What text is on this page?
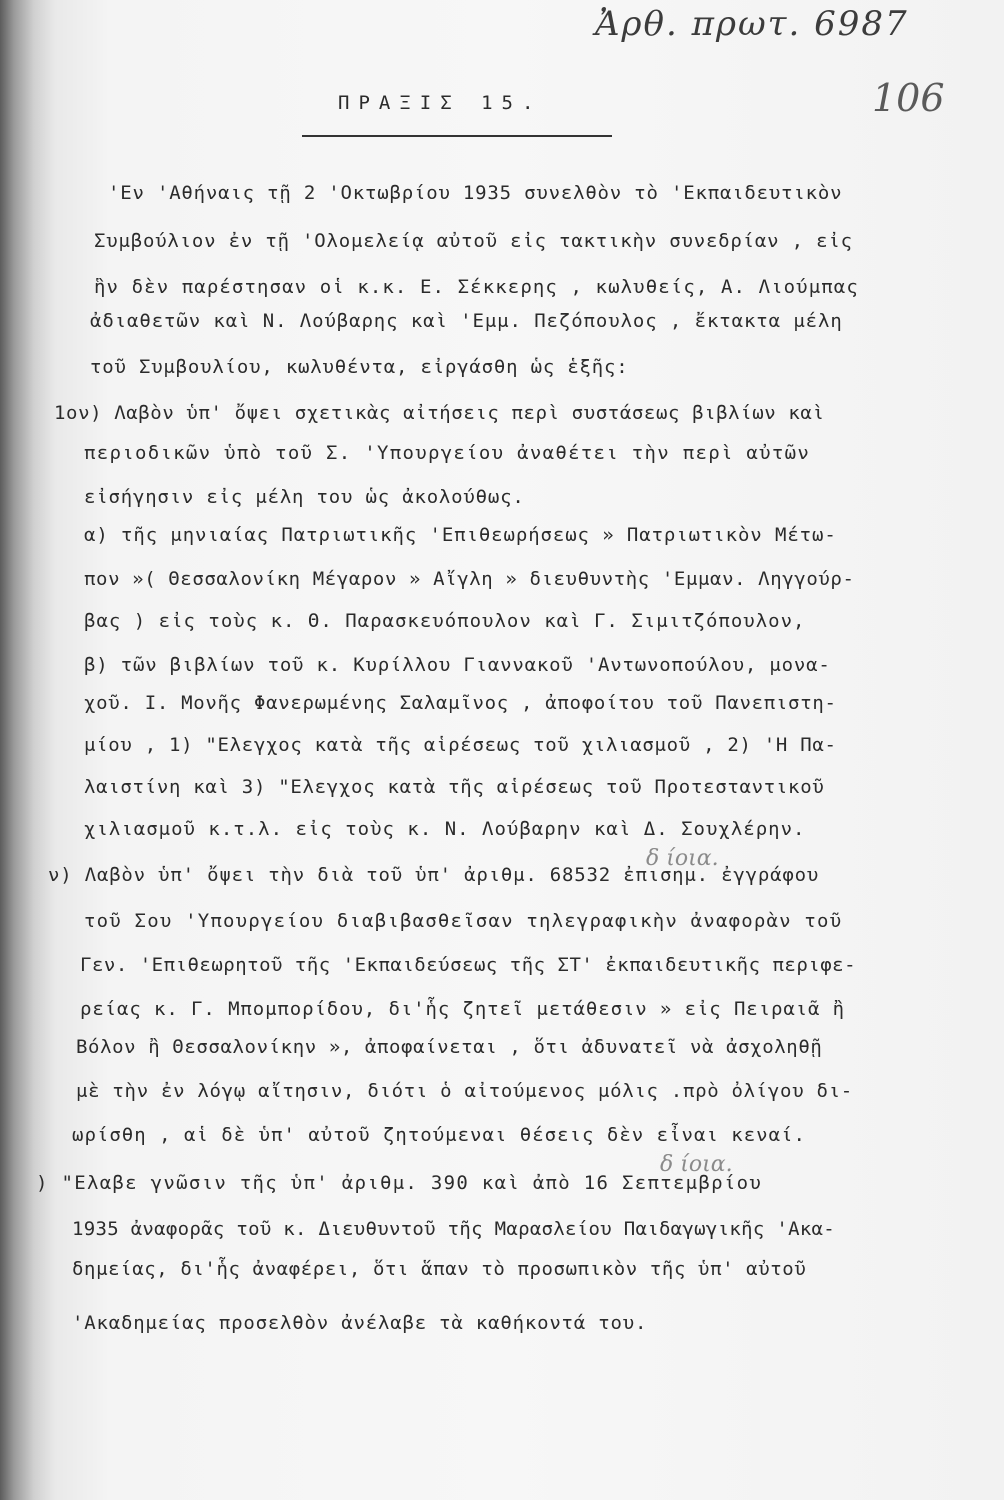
Ἀρθ. πρωτ. 6987
106
ΠΡΑΞΙΣ 15.
'Εν 'Αθήναις τῇ 2 'Οκτωβρίου 1935 συνελθὸν τὸ 'Εκπαιδευτικὸν
Συμβούλιον ἐν τῇ 'Ολομελείᾳ αὐτοῦ εἰς τακτικὴν συνεδρίαν , εἰς
ἣν δὲν παρέστησαν οἱ κ.κ. Ε. Σέκκερης , κωλυθείς, Α. Λιούμπας
ἀδιαθετῶν καὶ Ν. Λούβαρης καὶ 'Εμμ. Πεζόπουλος , ἔκτακτα μέλη
τοῦ Συμβουλίου, κωλυθέντα, εἰργάσθη ὡς ἑξῆς:
1ον) Λαβὸν ὑπ' ὄψει σχετικὰς αἰτήσεις περὶ συστάσεως βιβλίων καὶ
περιοδικῶν ὑπὸ τοῦ Σ. 'Υπουργείου ἀναθέτει τὴν περὶ αὐτῶν
εἰσήγησιν εἰς μέλη του ὡς ἀκολούθως.
α) τῆς μηνιαίας Πατριωτικῆς 'Επιθεωρήσεως » Πατριωτικὸν Μέτω-
πον »( Θεσσαλονίκη Μέγαρον » Αἴγλη » διευθυντὴς 'Εμμαν. Ληγγούρ-
βας ) εἰς τοὺς κ. Θ. Παρασκευόπουλον καὶ Γ. Σιμιτζόπουλον,
β) τῶν βιβλίων τοῦ κ. Κυρίλλου Γιαννακοῦ 'Αντωνοπούλου, μονα-
χοῦ. Ι. Μονῆς Φανερωμένης Σαλαμῖνος , ἀποφοίτου τοῦ Πανεπιστη-
μίου , 1) "Ελεγχος κατὰ τῆς αἱρέσεως τοῦ χιλιασμοῦ , 2) 'Η Πα-
λαιστίνη καὶ 3) "Ελεγχος κατὰ τῆς αἱρέσεως τοῦ Προτεσταντικοῦ
χιλιασμοῦ κ.τ.λ. εἰς τοὺς κ. Ν. Λούβαρην καὶ Δ. Σουχλέρην.
δ ίοια.
ν) Λαβὸν ὑπ' ὄψει τὴν διὰ τοῦ ὑπ' ἀριθμ. 68532 ἐπισημ. ἐγγράφου
τοῦ Σου 'Υπουργείου διαβιβασθεῖσαν τηλεγραφικὴν ἀναφορὰν τοῦ
Γεν. 'Επιθεωρητοῦ τῆς 'Εκπαιδεύσεως τῆς ΣΤ' ἐκπαιδευτικῆς περιφε-
ρείας κ. Γ. Μπομπορίδου, δι'ἧς ζητεῖ μετάθεσιν » εἰς Πειραιᾶ ἢ
Βόλον ἢ Θεσσαλονίκην », ἀποφαίνεται , ὅτι ἀδυνατεῖ νὰ ἀσχοληθῇ
μὲ τὴν ἐν λόγῳ αἴτησιν, διότι ὁ αἰτούμενος μόλις .πρὸ ὀλίγου δι-
ωρίσθη , αἱ δὲ ὑπ' αὐτοῦ ζητούμεναι θέσεις δὲν εἶναι κεναί.
δ ίοια.
) "Ελαβε γνῶσιν τῆς ὑπ' ἀριθμ. 390 καὶ ἀπὸ 16 Σεπτεμβρίου
1935 ἀναφορᾶς τοῦ κ. Διευθυντοῦ τῆς Μαρασλείου Παιδαγωγικῆς 'Ακα-
δημείας, δι'ἧς ἀναφέρει, ὅτι ἅπαν τὸ προσωπικὸν τῆς ὑπ' αὐτοῦ
'Ακαδημείας προσελθὸν ἀνέλαβε τὰ καθήκοντά του.
